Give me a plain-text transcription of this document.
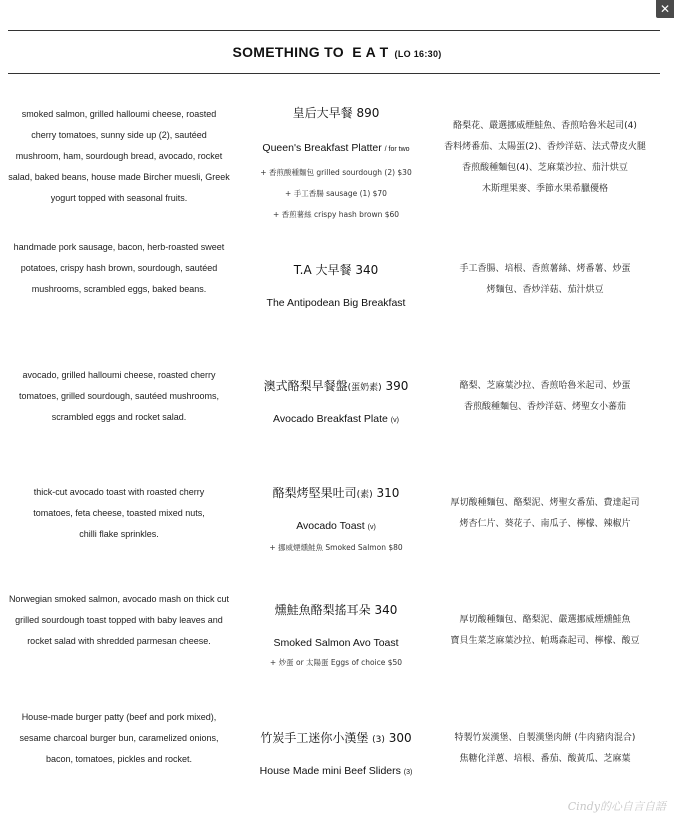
✕
SOMETHING TO  E A T (LO 16:30)
smoked salmon, grilled halloumi cheese, roasted cherry tomatoes, sunny side up (2), sautéed mushroom, ham, sourdough bread, avocado, rocket salad, baked beans, house made Bircher muesli, Greek yogurt topped with seasonal fruits.
皇后大早餐 890
Queen's Breakfast Platter / for two
+ 香煎酸種麵包 grilled sourdough (2) $30
+ 手工香腸 sausage (1) $70
+ 香煎薯絲 crispy hash brown $60
酪梨花、嚴選挪威煙鮭魚、香煎哈魯米起司(4)
香料烤番茄、太陽蛋(2)、香炒洋菇、法式帶皮火腿
香煎酸種麵包(4)、芝麻葉沙拉、茄汁烘豆
木斯理果麥、季節水果希臘優格
handmade pork sausage, bacon, herb-roasted sweet potatoes, crispy hash brown, sourdough, sautéed mushrooms, scrambled eggs, baked beans.
T.A 大早餐 340
The Antipodean Big Breakfast
手工香腸、培根、香煎薯絲、烤番薯、炒蛋
烤麵包、香炒洋菇、茄汁烘豆
avocado, grilled halloumi cheese, roasted cherry tomatoes, grilled sourdough, sautéed mushrooms, scrambled eggs and rocket salad.
澳式酪梨早餐盤(蛋奶素) 390
Avocado Breakfast Plate (v)
酪梨、芝麻葉沙拉、香煎哈魯米起司、炒蛋
香煎酸種麵包、香炒洋菇、烤聖女小蕃茄
thick-cut avocado toast with roasted cherry tomatoes, feta cheese, toasted mixed nuts, chilli flake sprinkles.
酪梨烤堅果吐司(素) 310
Avocado Toast (v)
+ 挪威煙燻鮭魚 Smoked Salmon $80
厚切酸種麵包、酪梨泥、烤聖女番茄、費達起司
烤杏仁片、葵花子、南瓜子、檸檬、辣椒片
Norwegian smoked salmon, avocado mash on thick cut grilled sourdough toast topped with baby leaves and rocket salad with shredded parmesan cheese.
燻鮭魚酪梨搖耳朵 340
Smoked Salmon Avo Toast
+ 炒蛋 or 太陽蛋 Eggs of choice $50
厚切酸種麵包、酪梨泥、嚴選挪威煙燻鮭魚
寶貝生菜芝麻葉沙拉、帕瑪森起司、檸檬、酸豆
House-made burger patty (beef and pork mixed), sesame charcoal burger bun, caramelized onions, bacon, tomatoes, pickles and rocket.
竹炭手工迷你小漢堡 (3) 300
House Made mini Beef Sliders (3)
特製竹炭漢堡、自製漢堡肉餅 (牛肉豬肉混合)
焦糖化洋蔥、培根、番茄、酸黃瓜、芝麻葉
Cindy的心自言自語
